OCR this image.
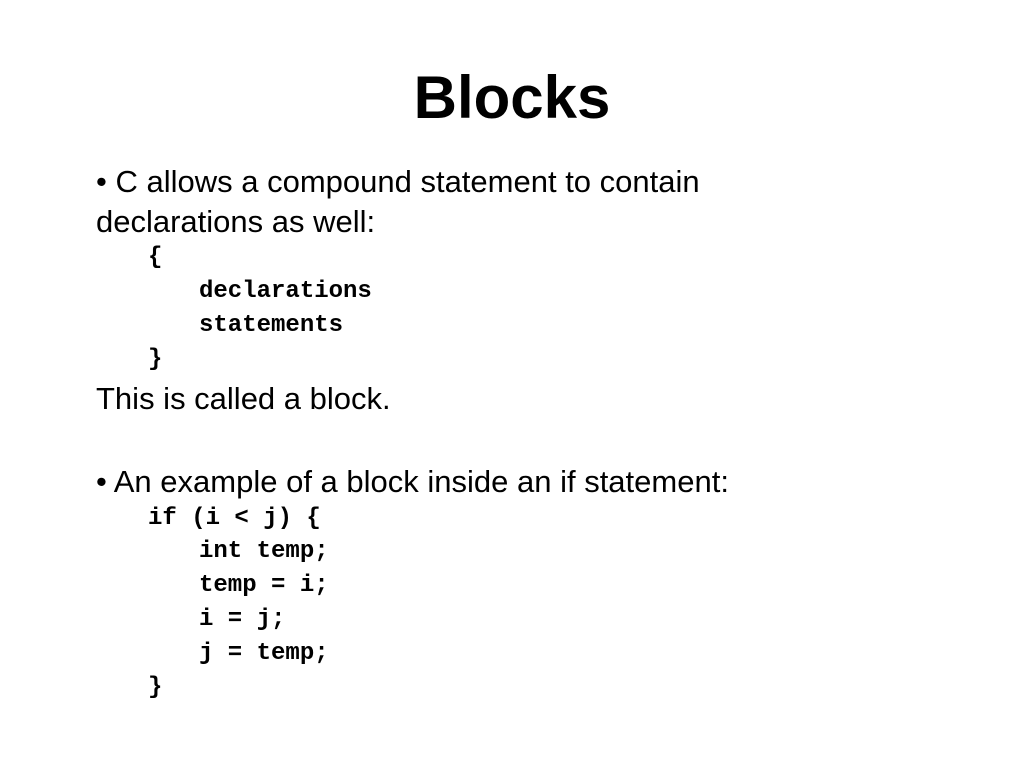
Blocks

• C allows a compound statement to contain

declarations as well:

{
declarations
statements
}

This is called a block.

• An example of a block inside an if statement:

if (i < j) {
int temp;
temp = i;
i = j;
j = temp;
}
